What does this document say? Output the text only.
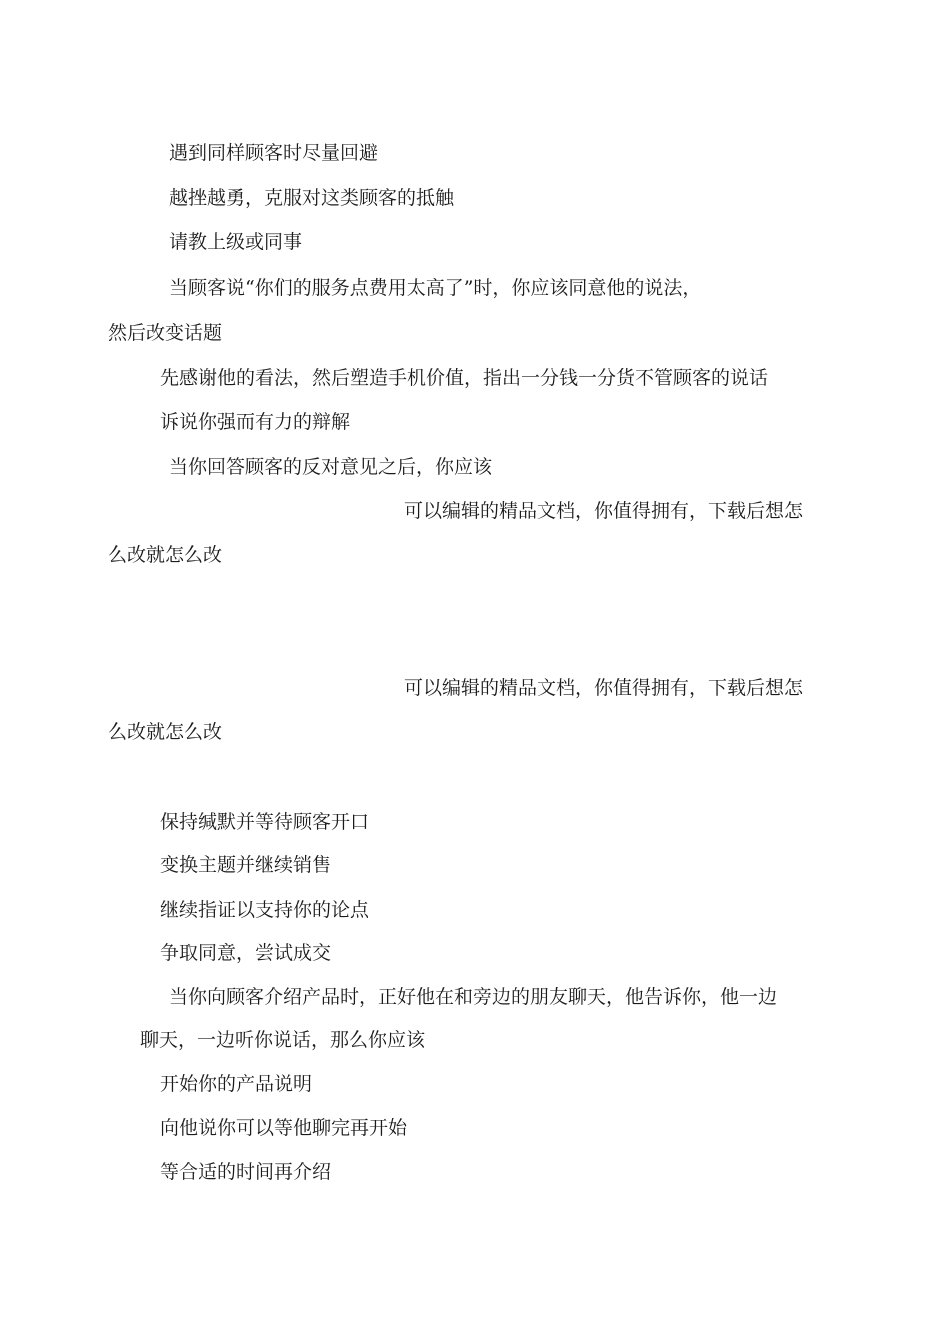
遇到同样顾客时尽量回避
越挫越勇，克服对这类顾客的抵触
请教上级或同事
当顾客说“你们的服务点费用太高了”时，你应该同意他的说法，
然后改变话题
先感谢他的看法，然后塑造手机价值，指出一分钱一分货不管顾客的说话
诉说你强而有力的辩解
当你回答顾客的反对意见之后，你应该
可以编辑的精品文档，你值得拥有，下载后想怎
么改就怎么改
可以编辑的精品文档，你值得拥有，下载后想怎
么改就怎么改
保持缄默并等待顾客开口
变换主题并继续销售
继续指证以支持你的论点
争取同意，尝试成交
当你向顾客介绍产品时，正好他在和旁边的朋友聊天，他告诉你，他一边
聊天，一边听你说话，那么你应该
开始你的产品说明
向他说你可以等他聊完再开始
等合适的时间再介绍
